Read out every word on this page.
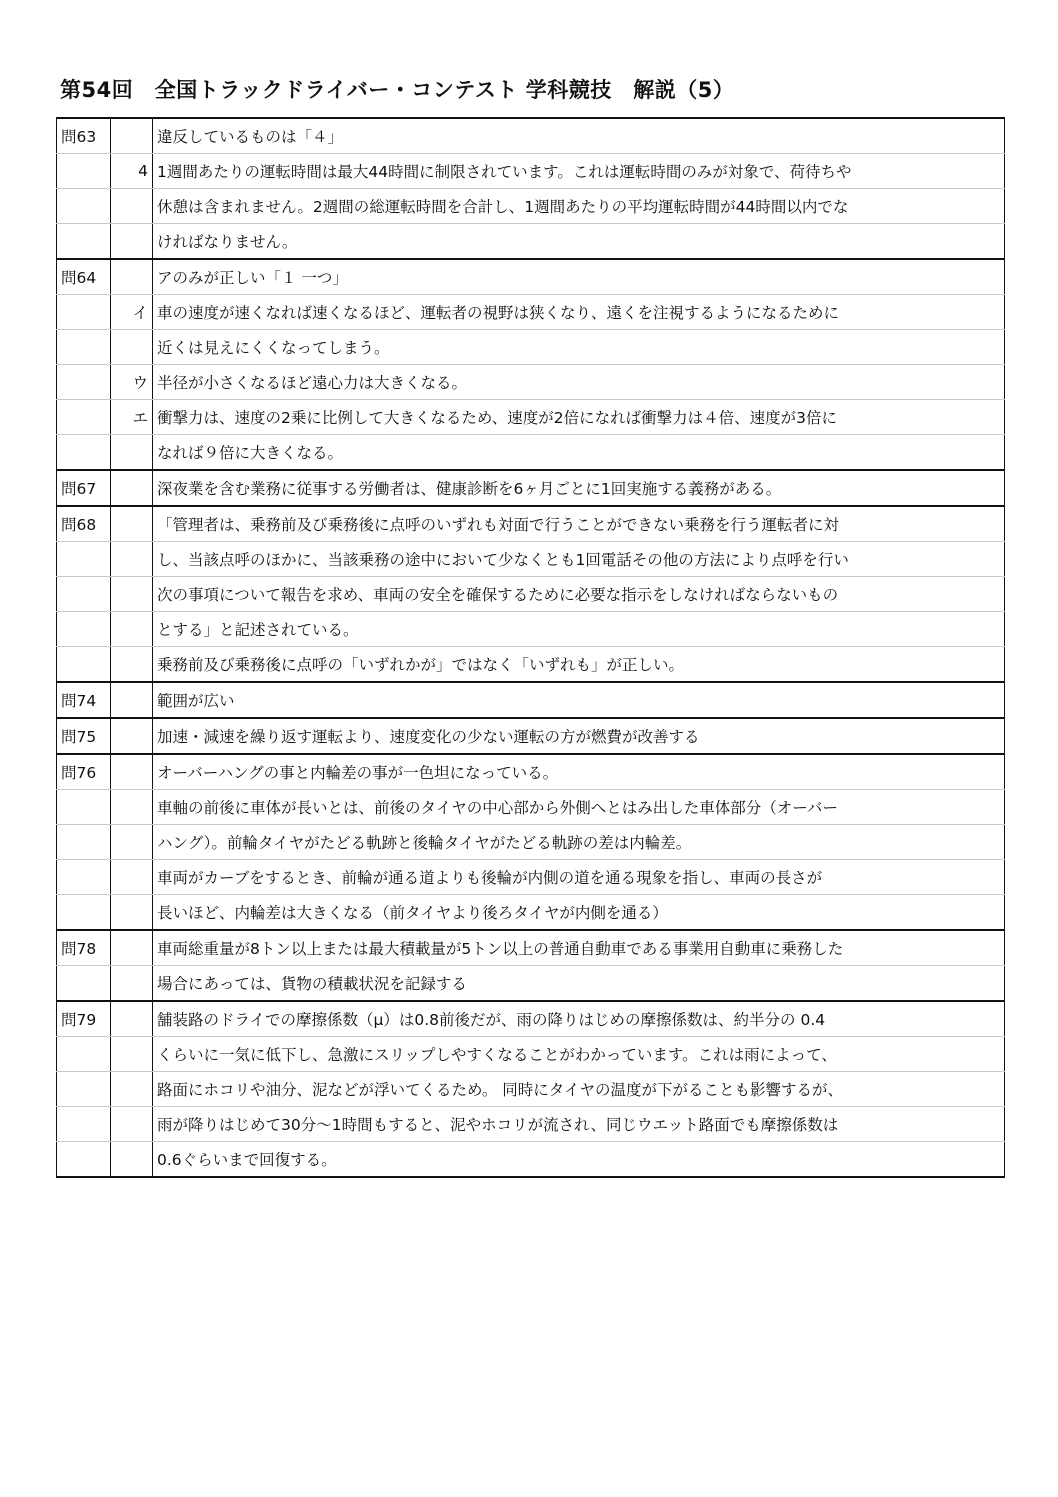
第54回　全国トラックドライバー・コンテスト 学科競技　解説（5）
問63		違反しているものは「４」
	4	1週間あたりの運転時間は最大44時間に制限されています。これは運転時間のみが対象で、荷待ちや
		休憩は含まれません。2週間の総運転時間を合計し、1週間あたりの平均運転時間が44時間以内でな
		ければなりません。
問64		アのみが正しい「１ 一つ」
	イ	車の速度が速くなれば速くなるほど、運転者の視野は狭くなり、遠くを注視するようになるために
		近くは見えにくくなってしまう。
	ウ	半径が小さくなるほど遠心力は大きくなる。
	エ	衝撃力は、速度の2乗に比例して大きくなるため、速度が2倍になれば衝撃力は４倍、速度が3倍に
		なれば９倍に大きくなる。
問67		深夜業を含む業務に従事する労働者は、健康診断を6ヶ月ごとに1回実施する義務がある。
問68		「管理者は、乗務前及び乗務後に点呼のいずれも対面で行うことができない乗務を行う運転者に対
		し、当該点呼のほかに、当該乗務の途中において少なくとも1回電話その他の方法により点呼を行い
		次の事項について報告を求め、車両の安全を確保するために必要な指示をしなければならないもの
		とする」と記述されている。
		乗務前及び乗務後に点呼の「いずれかが」ではなく「いずれも」が正しい。
問74		範囲が広い
問75		加速・減速を繰り返す運転より、速度変化の少ない運転の方が燃費が改善する
問76		オーバーハングの事と内輪差の事が一色坦になっている。
		車軸の前後に車体が長いとは、前後のタイヤの中心部から外側へとはみ出した車体部分（オーバー
		ハング）。前輪タイヤがたどる軌跡と後輪タイヤがたどる軌跡の差は内輪差。
		車両がカーブをするとき、前輪が通る道よりも後輪が内側の道を通る現象を指し、車両の長さが
		長いほど、内輪差は大きくなる（前タイヤより後ろタイヤが内側を通る）
問78		車両総重量が8トン以上または最大積載量が5トン以上の普通自動車である事業用自動車に乗務した
		場合にあっては、貨物の積載状況を記録する
問79		舗装路のドライでの摩擦係数（μ）は0.8前後だが、雨の降りはじめの摩擦係数は、約半分の 0.4
		くらいに一気に低下し、急激にスリップしやすくなることがわかっています。これは雨によって、
		路面にホコリや油分、泥などが浮いてくるため。 同時にタイヤの温度が下がることも影響するが、
		雨が降りはじめて30分～1時間もすると、泥やホコリが流され、同じウエット路面でも摩擦係数は
		0.6ぐらいまで回復する。
